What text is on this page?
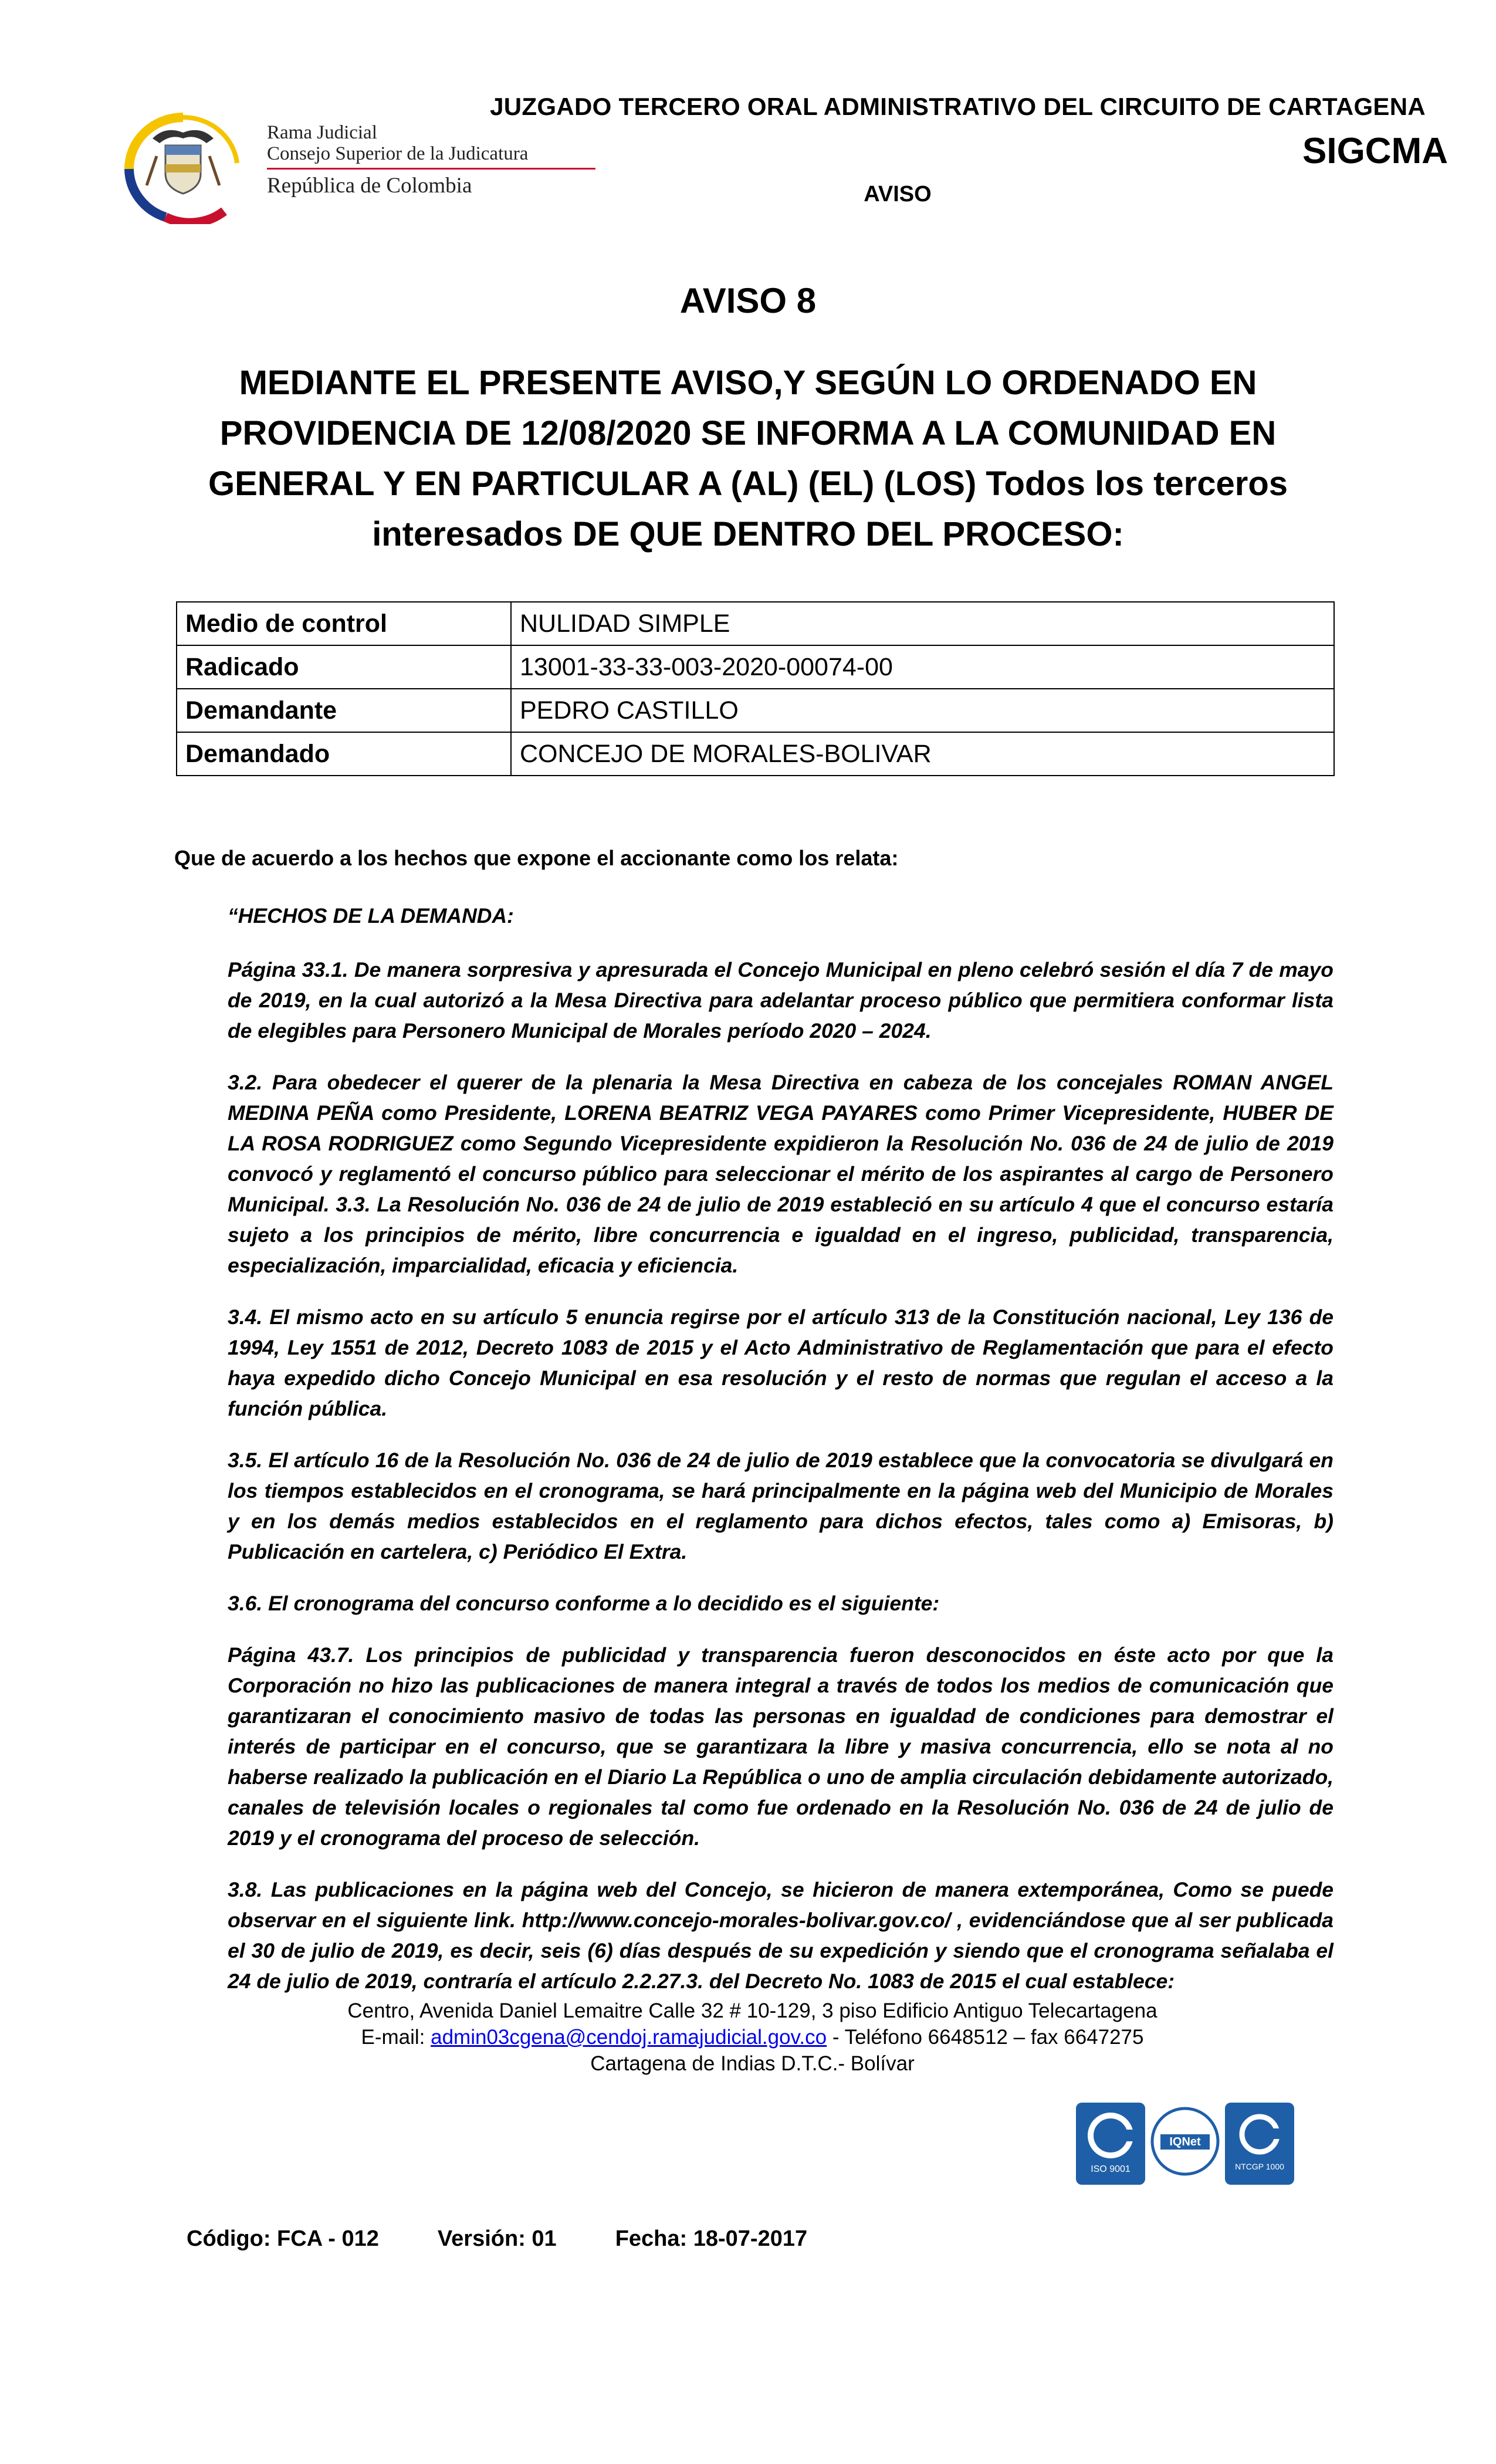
Rama Judicial
Consejo Superior de la Judicatura
República de Colombia
JUZGADO TERCERO ORAL ADMINISTRATIVO DEL CIRCUITO DE CARTAGENA
SIGCMA
AVISO
AVISO 8
MEDIANTE EL PRESENTE AVISO,Y SEGÚN LO ORDENADO EN PROVIDENCIA DE 12/08/2020 SE INFORMA A LA COMUNIDAD EN GENERAL Y EN PARTICULAR A (AL) (EL) (LOS) Todos los terceros interesados DE QUE DENTRO DEL PROCESO:
Medio de control	NULIDAD SIMPLE
Radicado	13001-33-33-003-2020-00074-00
Demandante	PEDRO CASTILLO
Demandado	CONCEJO DE MORALES-BOLIVAR
Que de acuerdo a los hechos que expone el accionante como los relata:

“HECHOS DE LA DEMANDA:

Página 33.1. De manera sorpresiva y apresurada el Concejo Municipal en pleno celebró sesión el día 7 de mayo de 2019, en la cual autorizó a la Mesa Directiva para adelantar proceso público que permitiera conformar lista de elegibles para Personero Municipal de Morales período 2020 – 2024.

3.2. Para obedecer el querer de la plenaria la Mesa Directiva en cabeza de los concejales ROMAN ANGEL MEDINA PEÑA como Presidente, LORENA BEATRIZ VEGA PAYARES como Primer Vicepresidente, HUBER DE LA ROSA RODRIGUEZ como Segundo Vicepresidente expidieron la Resolución No. 036 de 24 de julio de 2019 convocó y reglamentó el concurso público para seleccionar el mérito de los aspirantes al cargo de Personero Municipal. 3.3. La Resolución No. 036 de 24 de julio de 2019 estableció en su artículo 4 que el concurso estaría sujeto a los principios de mérito, libre concurrencia e igualdad en el ingreso, publicidad, transparencia, especialización, imparcialidad, eficacia y eficiencia.

3.4. El mismo acto en su artículo 5 enuncia regirse por el artículo 313 de la Constitución nacional, Ley 136 de 1994, Ley 1551 de 2012, Decreto 1083 de 2015 y el Acto Administrativo de Reglamentación que para el efecto haya expedido dicho Concejo Municipal en esa resolución y el resto de normas que regulan el acceso a la función pública.

3.5. El artículo 16 de la Resolución No. 036 de 24 de julio de 2019 establece que la convocatoria se divulgará en los tiempos establecidos en el cronograma, se hará principalmente en la página web del Municipio de Morales y en los demás medios establecidos en el reglamento para dichos efectos, tales como a) Emisoras, b) Publicación en cartelera, c) Periódico El Extra.

3.6. El cronograma del concurso conforme a lo decidido es el siguiente:

Página 43.7. Los principios de publicidad y transparencia fueron desconocidos en éste acto por que la Corporación no hizo las publicaciones de manera integral a través de todos los medios de comunicación que garantizaran el conocimiento masivo de todas las personas en igualdad de condiciones para demostrar el interés de participar en el concurso, que se garantizara la libre y masiva concurrencia, ello se nota al no haberse realizado la publicación en el Diario La República o uno de amplia circulación debidamente autorizado, canales de televisión locales o regionales tal como fue ordenado en la Resolución No. 036 de 24 de julio de 2019 y el cronograma del proceso de selección.

3.8. Las publicaciones en la página web del Concejo, se hicieron de manera extemporánea, Como se puede observar en el siguiente link. http://www.concejo-morales-bolivar.gov.co/ , evidenciándose que al ser publicada el 30 de julio de 2019, es decir, seis (6) días después de su expedición y siendo que el cronograma señalaba el 24 de julio de 2019, contraría el artículo 2.2.27.3. del Decreto No. 1083 de 2015 el cual establece:

Centro, Avenida Daniel Lemaitre Calle 32 # 10-129, 3 piso Edificio Antiguo Telecartagena
E-mail: admin03cgena@cendoj.ramajudicial.gov.co - Teléfono 6648512 – fax 6647275
Cartagena de Indias D.T.C.- Bolívar
ISO 9001
IQNet
NTCGP 1000
Código: FCA - 012	Versión: 01	Fecha: 18-07-2017
